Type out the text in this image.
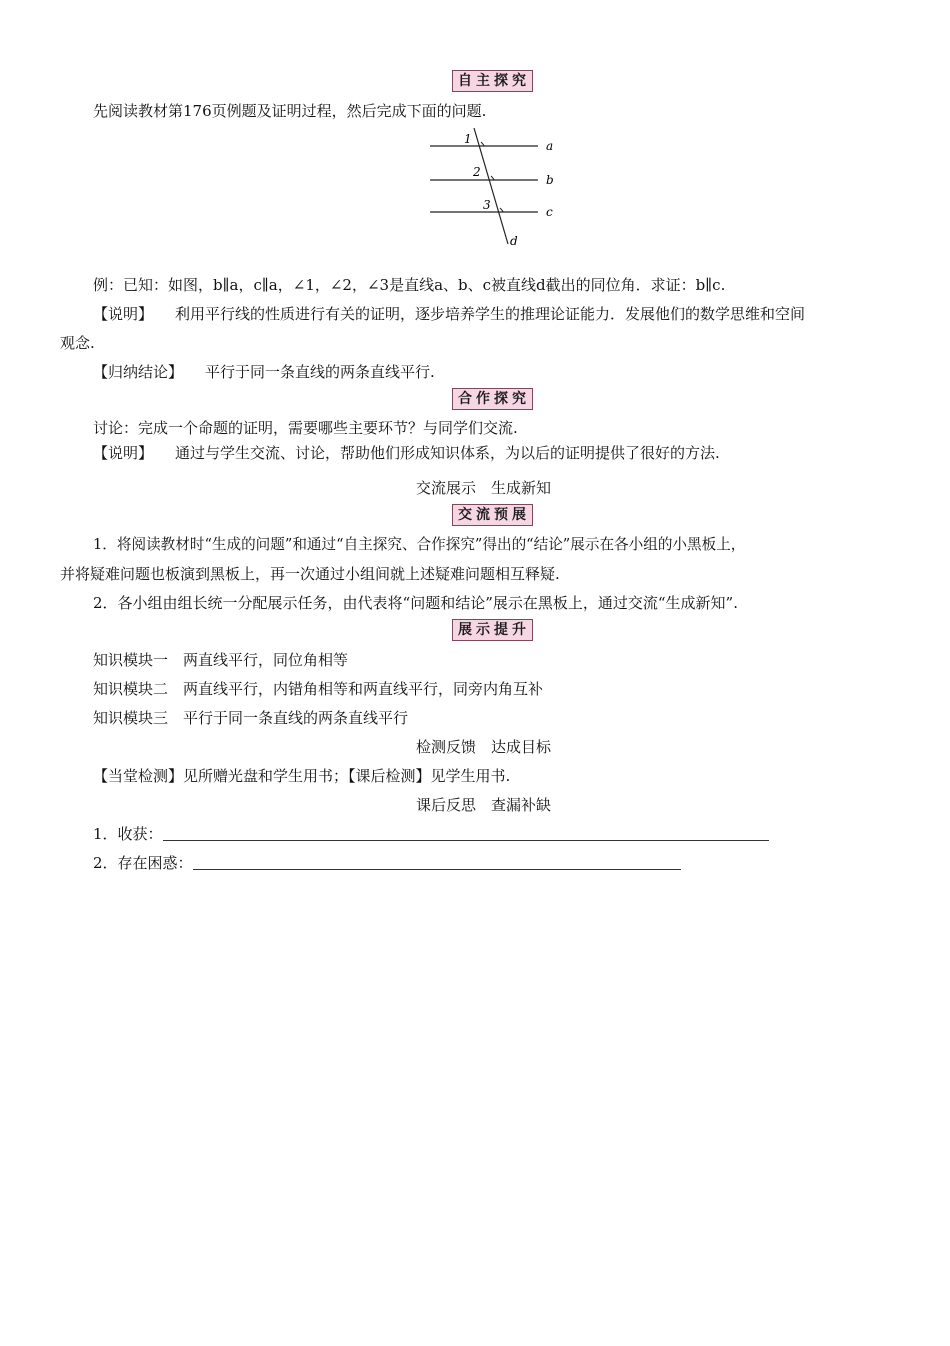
自主探究
先阅读教材第176页例题及证明过程，然后完成下面的问题.
1
2
3
a
b
c
d
例：已知：如图，b∥a，c∥a，∠1，∠2，∠3是直线a、b、c被直线d截出的同位角．求证：b∥c.
【说明】 利用平行线的性质进行有关的证明，逐步培养学生的推理论证能力．发展他们的数学思维和空间
观念.
【归纳结论】 平行于同一条直线的两条直线平行.
合作探究
讨论：完成一个命题的证明，需要哪些主要环节？与同学们交流.
【说明】 通过与学生交流、讨论，帮助他们形成知识体系，为以后的证明提供了很好的方法.
交流展示　生成新知
交流预展
1．将阅读教材时“生成的问题”和通过“自主探究、合作探究”得出的“结论”展示在各小组的小黑板上，
并将疑难问题也板演到黑板上，再一次通过小组间就上述疑难问题相互释疑.
2．各小组由组长统一分配展示任务，由代表将“问题和结论”展示在黑板上，通过交流“生成新知”.
展示提升
知识模块一　两直线平行，同位角相等
知识模块二　两直线平行，内错角相等和两直线平行，同旁内角互补
知识模块三　平行于同一条直线的两条直线平行
检测反馈　达成目标
【当堂检测】见所赠光盘和学生用书；【课后检测】见学生用书.
课后反思　查漏补缺
1．收获：
2．存在困惑：
